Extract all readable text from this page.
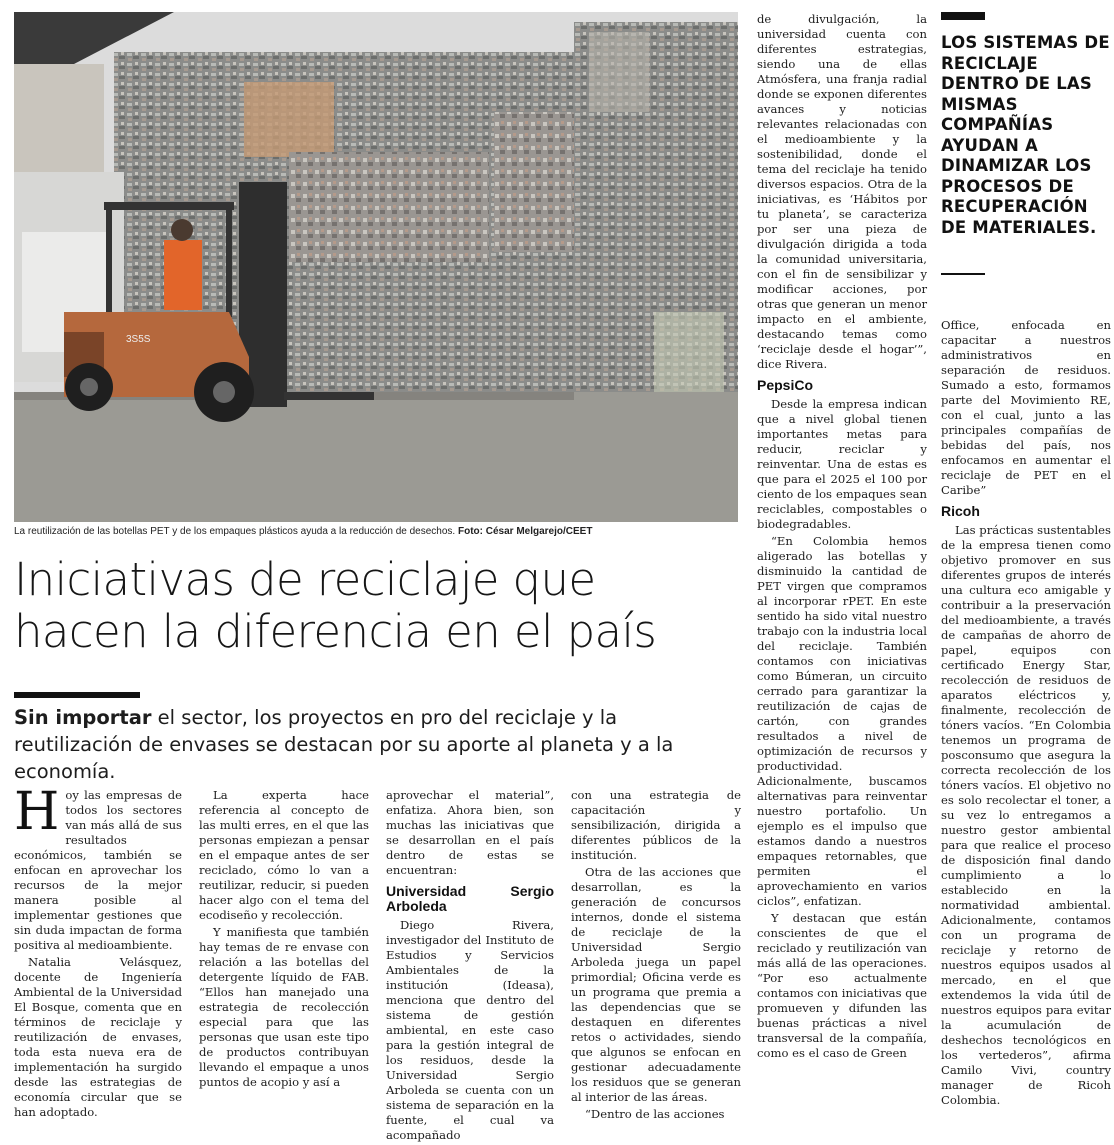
3S5S
La reutilización de las botellas PET y de los empaques plásticos ayuda a la reducción de desechos. Foto: César Melgarejo/CEET
Iniciativas de reciclaje que
hacen la diferencia en el país

Sin importar el sector, los proyectos en pro del reciclaje y la reutilización de envases se destacan por su aporte al planeta y a la economía.

Hoy las empresas de todos los sectores van más allá de sus resultados económicos, también se enfocan en aprovechar los recursos de la mejor manera posible al implementar gestiones que sin duda impactan de forma positiva al medioambiente.

Natalia Velásquez, docente de Ingeniería Ambiental de la Universidad El Bosque, comenta que en términos de reciclaje y reutilización de envases, toda esta nueva era de implementación ha surgido desde las estrategias de economía circular que se han adoptado.

La experta hace referencia al concepto de las multi erres, en el que las personas empiezan a pensar en el empaque antes de ser reciclado, cómo lo van a reutilizar, reducir, si pueden hacer algo con el tema del ecodiseño y recolección.

Y manifiesta que también hay temas de re envase con relación a las botellas del detergente líquido de FAB. “Ellos han manejado una estrategia de recolección especial para que las personas que usan este tipo de productos contribuyan llevando el empaque a unos puntos de acopio y así a

aprovechar el material”, enfatiza. Ahora bien, son muchas las iniciativas que se desarrollan en el país dentro de estas se encuentran:

Universidad Sergio Arboleda

Diego Rivera, investigador del Instituto de Estudios y Servicios Ambientales de la institución (Ideasa), menciona que dentro del sistema de gestión ambiental, en este caso para la gestión integral de los residuos, desde la Universidad Sergio Arboleda se cuenta con un sistema de separación en la fuente, el cual va acompañado

con una estrategia de capacitación y sensibilización, dirigida a diferentes públicos de la institución.

Otra de las acciones que desarrollan, es la generación de concursos internos, donde el sistema de reciclaje de la Universidad Sergio Arboleda juega un papel primordial; Oficina verde es un programa que premia a las dependencias que se destaquen en diferentes retos o actividades, siendo que algunos se enfocan en gestionar adecuadamente los residuos que se generan al interior de las áreas.

“Dentro de las acciones

de divulgación, la universidad cuenta con diferentes estrategias, siendo una de ellas Atmósfera, una franja radial donde se exponen diferentes avances y noticias relevantes relacionadas con el medioambiente y la sostenibilidad, donde el tema del reciclaje ha tenido diversos espacios. Otra de la iniciativas, es ‘Hábitos por tu planeta’, se caracteriza por ser una pieza de divulgación dirigida a toda la comunidad universitaria, con el fin de sensibilizar y modificar acciones, por otras que generan un menor impacto en el ambiente, destacando temas como ‘reciclaje desde el hogar’”, dice Rivera.

PepsiCo

Desde la empresa indican que a nivel global tienen importantes metas para reducir, reciclar y reinventar. Una de estas es que para el 2025 el 100 por ciento de los empaques sean reciclables, compostables o biodegradables.

“En Colombia hemos aligerado las botellas y disminuido la cantidad de PET virgen que compramos al incorporar rPET. En este sentido ha sido vital nuestro trabajo con la industria local del reciclaje. También contamos con iniciativas como Búmeran, un circuito cerrado para garantizar la reutilización de cajas de cartón, con grandes resultados a nivel de optimización de recursos y productividad. Adicionalmente, buscamos alternativas para reinventar nuestro portafolio. Un ejemplo es el impulso que estamos dando a nuestros empaques retornables, que permiten el aprovechamiento en varios ciclos”, enfatizan.

Y destacan que están conscientes de que el reciclado y reutilización van más allá de las operaciones. “Por eso actualmente contamos con iniciativas que promueven y difunden las buenas prácticas a nivel transversal de la compañía, como es el caso de Green

LOS SISTEMAS DE RECICLAJE DENTRO DE LAS MISMAS COMPAÑÍAS AYUDAN A DINAMIZAR LOS PROCESOS DE RECUPERACIÓN DE MATERIALES.

Office, enfocada en capacitar a nuestros administrativos en separación de residuos. Sumado a esto, formamos parte del Movimiento RE, con el cual, junto a las principales compañías de bebidas del país, nos enfocamos en aumentar el reciclaje de PET en el Caribe”

Ricoh

Las prácticas sustentables de la empresa tienen como objetivo promover en sus diferentes grupos de interés una cultura eco amigable y contribuir a la preservación del medioambiente, a través de campañas de ahorro de papel, equipos con certificado Energy Star, recolección de residuos de aparatos eléctricos y, finalmente, recolección de tóners vacíos. “En Colombia tenemos un programa de posconsumo que asegura la correcta recolección de los tóners vacíos. El objetivo no es solo recolectar el toner, a su vez lo entregamos a nuestro gestor ambiental para que realice el proceso de disposición final dando cumplimiento a lo establecido en la normatividad ambiental. Adicionalmente, contamos con un programa de reciclaje y retorno de nuestros equipos usados al mercado, en el que extendemos la vida útil de nuestros equipos para evitar la acumulación de deshechos tecnológicos en los vertederos”, afirma Camilo Vivi, country manager de Ricoh Colombia.
